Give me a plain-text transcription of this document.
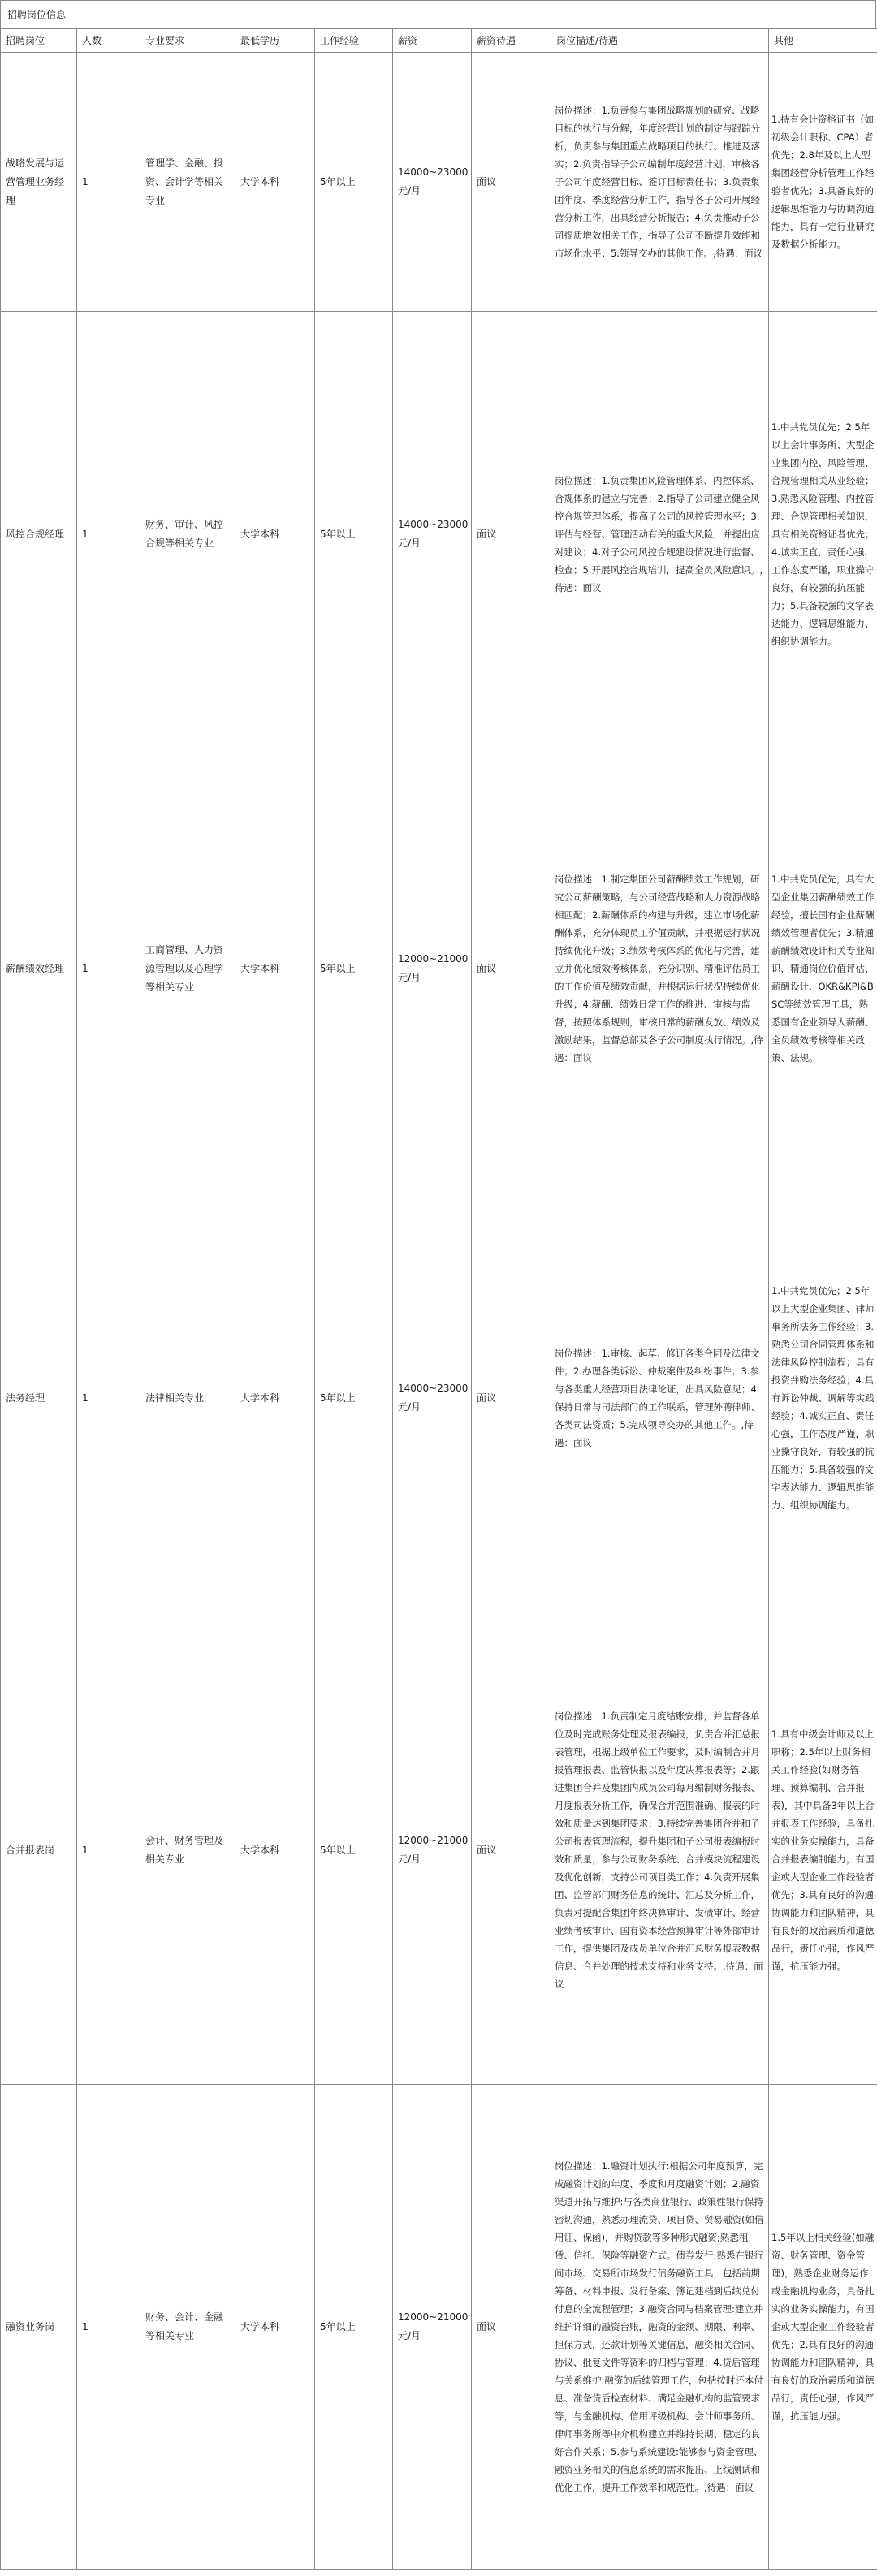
招聘岗位信息
招聘岗位	人数	专业要求	最低学历	工作经验	薪资	薪资待遇	岗位描述/待遇	其他
战略发展与运营管理业务经理	1	管理学、金融、投资、会计学等相关专业	大学本科	5年以上	14000~23000元/月	面议	岗位描述：1.负责参与集团战略规划的研究、战略目标的执行与分解，年度经营计划的制定与跟踪分析，负责参与集团重点战略项目的执行、推进及落实；2.负责指导子公司编制年度经营计划，审核各子公司年度经营目标、签订目标责任书；3.负责集团年度、季度经营分析工作，指导各子公司开展经营分析工作，出具经营分析报告；4.负责推动子公司提质增效相关工作，指导子公司不断提升效能和市场化水平；5.领导交办的其他工作。,待遇：面议	1.持有会计资格证书（如初级会计职称、CPA）者优先；2.8年及以上大型集团经营分析管理工作经验者优先；3.具备良好的逻辑思维能力与协调沟通能力，具有一定行业研究及数据分析能力。
风控合规经理	1	财务、审计、风控合规等相关专业	大学本科	5年以上	14000~23000元/月	面议	岗位描述：1.负责集团风险管理体系、内控体系、合规体系的建立与完善；2.指导子公司建立健全风控合规管理体系，提高子公司的风控管理水平；3.评估与经营、管理活动有关的重大风险，并提出应对建议；4.对子公司风控合规建设情况进行监督、检查；5.开展风控合规培训，提高全员风险意识。,待遇：面议	1.中共党员优先；2.5年以上会计事务所、大型企业集团内控、风险管理、合规管理相关从业经验；3.熟悉风险管理、内控管理、合规管理相关知识，具有相关资格证者优先；4.诚实正直，责任心强，工作态度严谨，职业操守良好，有较强的抗压能力；5.具备较强的文字表达能力、逻辑思维能力、组织协调能力。
薪酬绩效经理	1	工商管理、人力资源管理以及心理学等相关专业	大学本科	5年以上	12000~21000元/月	面议	岗位描述：1.制定集团公司薪酬绩效工作规划，研究公司薪酬策略，与公司经营战略和人力资源战略相匹配；2.薪酬体系的构建与升级，建立市场化薪酬体系，充分体现员工价值贡献，并根据运行状况持续优化升级；3.绩效考核体系的优化与完善，建立并优化绩效考核体系，充分识别、精准评估员工的工作价值及绩效贡献，并根据运行状况持续优化升级；4.薪酬、绩效日常工作的推进、审核与监督，按照体系规则，审核日常的薪酬发放、绩效及激励结果，监督总部及各子公司制度执行情况。,待遇：面议	1.中共党员优先，具有大型企业集团薪酬绩效工作经验，擅长国有企业薪酬绩效管理者优先；3.精通薪酬绩效设计相关专业知识，精通岗位价值评估、薪酬设计、OKR&KPI&BSC等绩效管理工具，熟悉国有企业领导人薪酬、全员绩效考核等相关政策、法规。
法务经理	1	法律相关专业	大学本科	5年以上	14000~23000元/月	面议	岗位描述：1.审核、起草、修订各类合同及法律文件；2.办理各类诉讼、仲裁案件及纠纷事件；3.参与各类重大经营项目法律论证，出具风险意见；4.保持日常与司法部门的工作联系，管理外聘律师、各类司法资质；5.完成领导交办的其他工作。,待遇：面议	1.中共党员优先；2.5年以上大型企业集团、律师事务所法务工作经验；3.熟悉公司合同管理体系和法律风险控制流程；具有投资并购法务经验；4.具有诉讼仲裁、调解等实践经验；4.诚实正直、责任心强，工作态度严谨，职业操守良好，有较强的抗压能力；5.具备较强的文字表达能力、逻辑思维能力、组织协调能力。
合并报表岗	1	会计、财务管理及相关专业	大学本科	5年以上	12000~21000元/月	面议	岗位描述：1.负责制定月度结账安排，并监督各单位及时完成账务处理及报表编报，负责合并汇总报表管理，根据上级单位工作要求，及时编制合并月报管理报表、监管快报以及年度决算报表等；2.跟进集团合并及集团内成员公司每月编制财务报表、月度报表分析工作，确保合并范围准确、报表的时效和质量达到集团要求；3.持续完善集团合并和子公司报表管理流程，提升集团和子公司报表编报时效和质量，参与公司财务系统、合并模块流程建设及优化创新，支持公司项目类工作；4.负责开展集团、监管部门财务信息的统计、汇总及分析工作，负责对提配合集团年终决算审计、发债审计、经营业绩考核审计、国有资本经营预算审计等外部审计工作，提供集团及成员单位合并汇总财务报表数据信息、合并处理的技术支持和业务支持。,待遇：面议	1.具有中级会计师及以上职称；2.5年以上财务相关工作经验(如财务管理、预算编制、合并报表)，其中具备3年以上合并报表工作经验，具备扎实的业务实操能力，具备合并报表编制能力，有国企或大型企业工作经验者优先；3.具有良好的沟通协调能力和团队精神，具有良好的政治素质和道德品行，责任心强，作风严谨，抗压能力强。
融资业务岗	1	财务、会计、金融等相关专业	大学本科	5年以上	12000~21000元/月	面议	岗位描述：1.融资计划执行:根据公司年度预算，完成融资计划的年度、季度和月度融资计划；2.融资渠道开拓与维护:与各类商业银行、政策性银行保持密切沟通，熟悉办理流贷、项目贷、贸易融资(如信用证、保函)，并购贷款等多种形式融资;熟悉租赁、信托、保险等融资方式。债券发行:熟悉在银行间市场、交易所市场发行债务融资工具，包括前期筹备、材料申报、发行备案、簿记建档到后续兑付付息的全流程管理；3.融资合同与档案管理:建立并维护详细的融资台账，融资的金额、期限、利率、担保方式，还款计划等关键信息，融资相关合同、协议、批复文件等资料的归档与管理；4.贷后管理与关系维护:融资的后续管理工作，包括按时还本付息、准备贷后检查材料、满足金融机构的监管要求等，与金融机构、信用评级机构、会计师事务所、律师事务所等中介机构建立并维持长期、稳定的良好合作关系；5.参与系统建设:能够参与资金管理、融资业务相关的信息系统的需求提出、上线测试和优化工作，提升工作效率和规范性。,待遇：面议	1.5年以上相关经验(如融资、财务管理、资金管理)，熟悉企业财务运作或金融机构业务，具备扎实的业务实操能力，有国企或大型企业工作经验者优先；2.具有良好的沟通协调能力和团队精神，具有良好的政治素质和道德品行，责任心强，作风严谨，抗压能力强。
